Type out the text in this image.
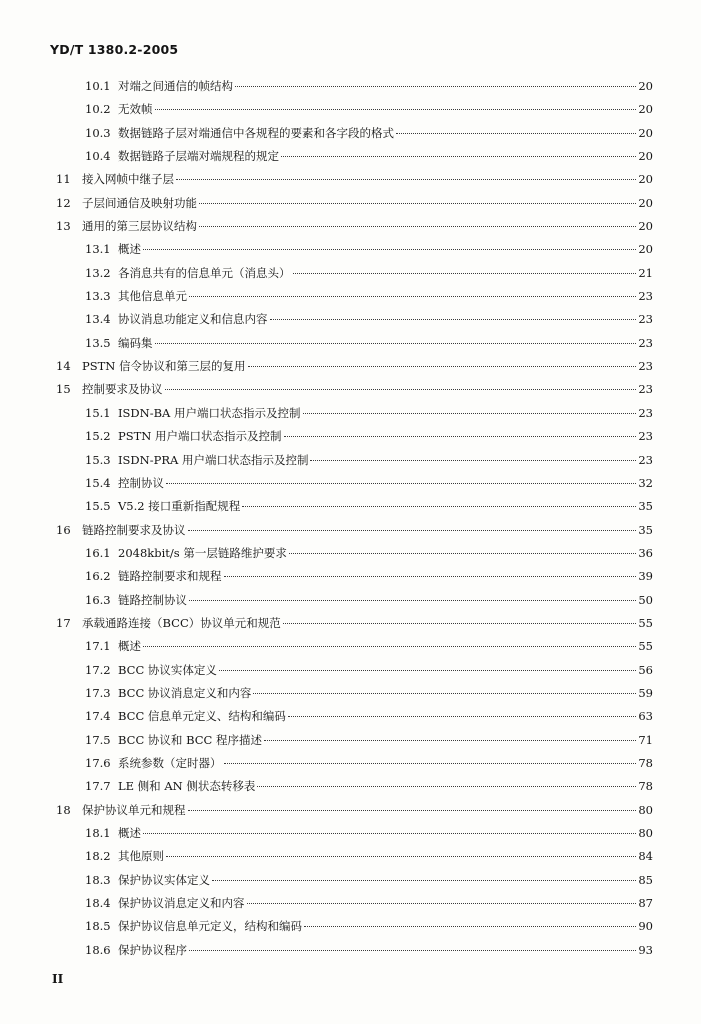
YD/T 1380.2-2005
10.1 对端之间通信的帧结构	20
10.2 无效帧	20
10.3 数据链路子层对端通信中各规程的要素和各字段的格式	20
10.4 数据链路子层端对端规程的规定	20
11 接入网帧中继子层	20
12 子层间通信及映射功能	20
13 通用的第三层协议结构	20
13.1 概述	20
13.2 各消息共有的信息单元（消息头）	21
13.3 其他信息单元	23
13.4 协议消息功能定义和信息内容	23
13.5 编码集	23
14 PSTN 信令协议和第三层的复用	23
15 控制要求及协议	23
15.1 ISDN-BA 用户端口状态指示及控制	23
15.2 PSTN 用户端口状态指示及控制	23
15.3 ISDN-PRA 用户端口状态指示及控制	23
15.4 控制协议	32
15.5 V5.2 接口重新指配规程	35
16 链路控制要求及协议	35
16.1 2048kbit/s 第一层链路维护要求	36
16.2 链路控制要求和规程	39
16.3 链路控制协议	50
17 承载通路连接（BCC）协议单元和规范	55
17.1 概述	55
17.2 BCC 协议实体定义	56
17.3 BCC 协议消息定义和内容	59
17.4 BCC 信息单元定义、结构和编码	63
17.5 BCC 协议和 BCC 程序描述	71
17.6 系统参数（定时器）	78
17.7 LE 侧和 AN 侧状态转移表	78
18 保护协议单元和规程	80
18.1 概述	80
18.2 其他原则	84
18.3 保护协议实体定义	85
18.4 保护协议消息定义和内容	87
18.5 保护协议信息单元定义，结构和编码	90
18.6 保护协议程序	93
II
